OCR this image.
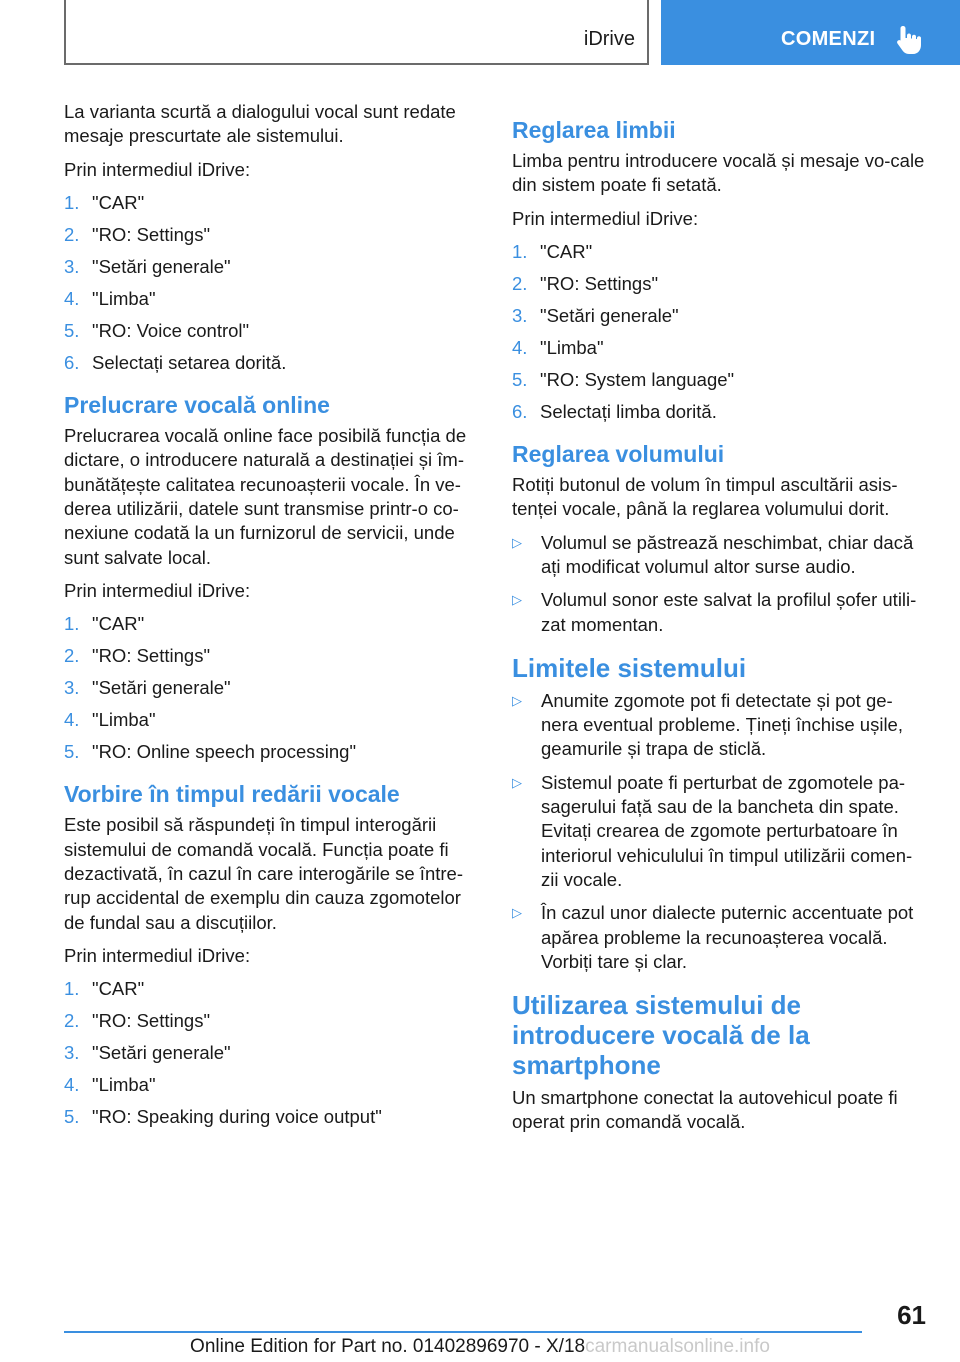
iDrive	COMENZI

La varianta scurtă a dialogului vocal sunt redate mesaje prescurtate ale sistemului.

Prin intermediul iDrive:

1. "CAR"
2. "RO: Settings"
3. "Setări generale"
4. "Limba"
5. "RO: Voice control"
6. Selectați setarea dorită.
Prelucrare vocală online

Prelucrarea vocală online face posibilă funcția de dictare, o introducere naturală a destinației și îm-bunătățește calitatea recunoașterii vocale. În ve-derea utilizării, datele sunt transmise printr-o co-nexiune codată la un furnizorul de servicii, unde sunt salvate local.

Prin intermediul iDrive:

1. "CAR"
2. "RO: Settings"
3. "Setări generale"
4. "Limba"
5. "RO: Online speech processing"
Vorbire în timpul redării vocale

Este posibil să răspundeți în timpul interogării sistemului de comandă vocală. Funcția poate fi dezactivată, în cazul în care interogările se între-rup accidental de exemplu din cauza zgomotelor de fundal sau a discuțiilor.

Prin intermediul iDrive:

1. "CAR"
2. "RO: Settings"
3. "Setări generale"
4. "Limba"
5. "RO: Speaking during voice output"
Reglarea limbii

Limba pentru introducere vocală și mesaje vo-cale din sistem poate fi setată.

Prin intermediul iDrive:

1. "CAR"
2. "RO: Settings"
3. "Setări generale"
4. "Limba"
5. "RO: System language"
6. Selectați limba dorită.
Reglarea volumului

Rotiți butonul de volum în timpul ascultării asis-tenței vocale, până la reglarea volumului dorit.

▷ Volumul se păstrează neschimbat, chiar dacă ați modificat volumul altor surse audio.
▷ Volumul sonor este salvat la profilul șofer utili-zat momentan.
Limitele sistemului
▷ Anumite zgomote pot fi detectate și pot ge-nera eventual probleme. Țineți închise ușile, geamurile și trapa de sticlă.
▷ Sistemul poate fi perturbat de zgomotele pa-sagerului față sau de la bancheta din spate. Evitați crearea de zgomote perturbatoare în interiorul vehiculului în timpul utilizării comen-zii vocale.
▷ În cazul unor dialecte puternic accentuate pot apărea probleme la recunoașterea vocală. Vorbiți tare și clar.
Utilizarea sistemului de introducere vocală de la smartphone

Un smartphone conectat la autovehicul poate fi operat prin comandă vocală.

61
Online Edition for Part no. 01402896970 - X/18carmanualsonline.info
